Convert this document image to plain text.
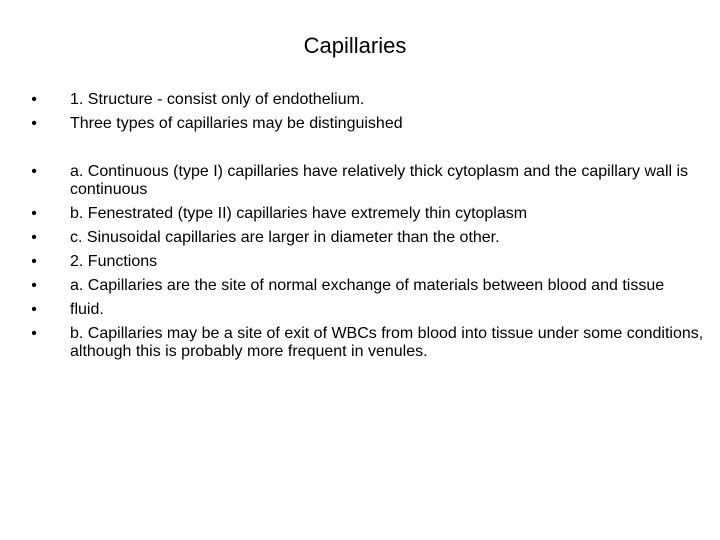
Capillaries
•	1. Structure - consist only of endothelium.
•	Three types of capillaries may be distinguished
•	a. Continuous (type I) capillaries have relatively thick cytoplasm and the capillary wall is continuous
•	b. Fenestrated (type II) capillaries have extremely thin cytoplasm
•	c. Sinusoidal capillaries are larger in diameter than the other.
•	2. Functions
•	a. Capillaries are the site of normal exchange of materials between blood and tissue
•	fluid.
•	b. Capillaries may be a site of exit of WBCs from blood into tissue under some conditions, although this is probably more frequent in venules.
